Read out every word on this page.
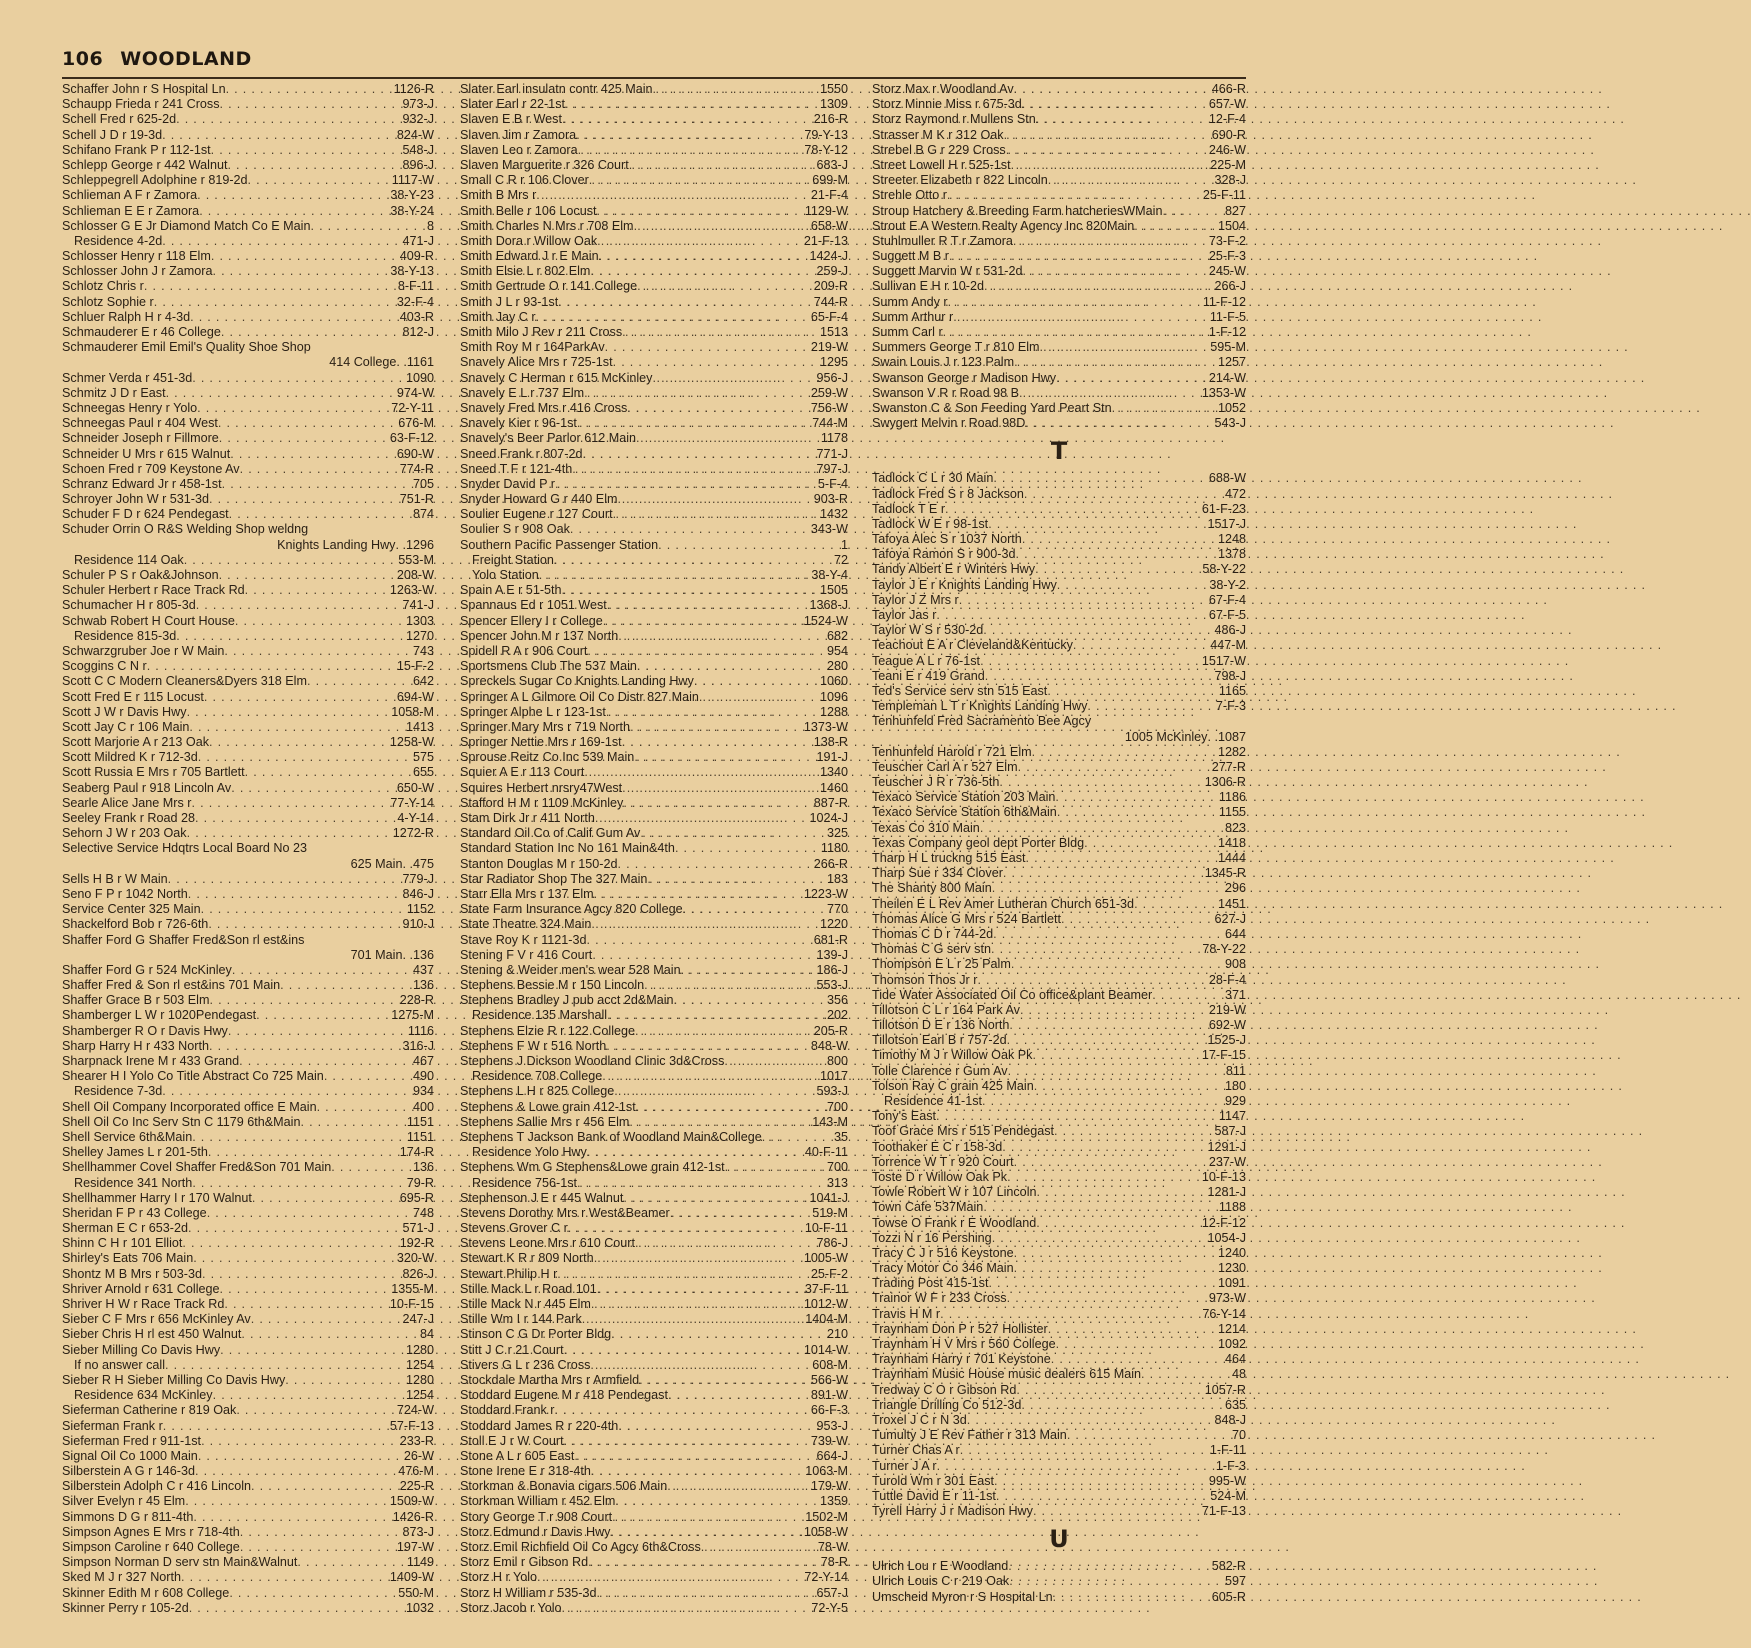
106 WOODLAND
Schaffer John r S Hospital Ln . . .	1126-R
Schaupp Frieda r 241 Cross . . .	973-J
Schell Fred r 625-2d . . .	932-J
Schell J D r 19-3d . . .	824-W
Schifano Frank P r 112-1st . . .	548-J
Schlepp George r 442 Walnut . . .	896-J
Schleppegrell Adolphine r 819-2d . . .	1117-W
Schlieman A F r Zamora . . .	38-Y-23
Schlieman E E r Zamora . . .	38-Y-24
Schlosser G E Jr Diamond Match Co E Main . . .	8
Residence 4-2d . . .	471-J
Schlosser Henry r 118 Elm . . .	409-R
Schlosser John J r Zamora . . .	38-Y-13
Schlotz Chris r . . .	8-F-11
Schlotz Sophie r . . .	32-F-4
Schluer Ralph H r 4-3d . . .	403-R
Schmauderer E r 46 College . . .	812-J
Schmauderer Emil Emil's Quality Shoe Shop
414 College . . 1161
Schmer Verda r 451-3d . . .	1090
Schmitz J D r East . . .	974-W
Schneegas Henry r Yolo . . .	72-Y-11
Schneegas Paul r 404 West . . .	676-M
Schneider Joseph r Fillmore . . .	63-F-12
Schneider U Mrs r 615 Walnut . . .	690-W
Schoen Fred r 709 Keystone Av . . .	774-R
Schranz Edward Jr r 458-1st . . .	705
Schroyer John W r 531-3d . . .	751-R
Schuder F D r 624 Pendegast . . .	874
Schuder Orrin O R&S Welding Shop weldng
Knights Landing Hwy . . 1296
Residence 114 Oak . . .	553-M
Schuler P S r Oak&Johnson . . .	208-W
Schuler Herbert r Race Track Rd . . .	1263-W
Schumacher H r 805-3d . . .	741-J
Schwab Robert H Court House . . .	1303
Residence 815-3d . . .	1270
Schwarzgruber Joe r W Main . . .	743
Scoggins C N r . . .	15-F-2
Scott C C Modern Cleaners&Dyers 318 Elm . . .	642
Scott Fred E r 115 Locust . . .	694-W
Scott J W r Davis Hwy . . .	1058-M
Scott Jay C r 106 Main . . .	1413
Scott Marjorie A r 213 Oak . . .	1258-W
Scott Mildred K r 712-3d . . .	575
Scott Russia E Mrs r 705 Bartlett . . .	655
Seaberg Paul r 918 Lincoln Av . . .	650-W
Searle Alice Jane Mrs r . . .	77-Y-14
Seeley Frank r Road 28 . . .	4-Y-14
Sehorn J W r 203 Oak . . .	1272-R
Selective Service Hdqtrs Local Board No 23
625 Main . . 475
Sells H B r W Main . . .	779-J
Seno F P r 1042 North . . .	846-J
Service Center 325 Main . . .	1152
Shackelford Bob r 726-6th . . .	910-J
Shaffer Ford G Shaffer Fred&Son rl est&ins
701 Main . . 136
Shaffer Ford G r 524 McKinley . . .	437
Shaffer Fred & Son rl est&ins 701 Main . . .	136
Shaffer Grace B r 503 Elm . . .	228-R
Shamberger L W r 1020Pendegast . . .	1275-M
Shamberger R O r Davis Hwy . . .	1116
Sharp Harry H r 433 North . . .	316-J
Sharpnack Irene M r 433 Grand . . .	467
Shearer H I Yolo Co Title Abstract Co 725 Main . . .	490
Residence 7-3d . . .	934
Shell Oil Company Incorporated office E Main . . .	400
Shell Oil Co Inc Serv Stn C 1179 6th&Main . . .	1151
Shell Service 6th&Main . . .	1151
Shelley James L r 201-5th . . .	174-R
Shellhammer Covel Shaffer Fred&Son 701 Main . . .	136
Residence 341 North . . .	79-R
Shellhammer Harry I r 170 Walnut . . .	695-R
Sheridan F P r 43 College . . .	748
Sherman E C r 653-2d . . .	571-J
Shinn C H r 101 Elliot . . .	192-R
Shirley's Eats 706 Main . . .	320-W
Shontz M B Mrs r 503-3d . . .	826-J
Shriver Arnold r 631 College . . .	1355-M
Shriver H W r Race Track Rd . . .	10-F-15
Sieber C F Mrs r 656 McKinley Av . . .	247-J
Sieber Chris H rl est 450 Walnut . . .	84
Sieber Milling Co Davis Hwy . . .	1280
If no answer call . . .	1254
Sieber R H Sieber Milling Co Davis Hwy . . .	1280
Residence 634 McKinley . . .	1254
Sieferman Catherine r 819 Oak . . .	724-W
Sieferman Frank r . . .	57-F-13
Sieferman Fred r 911-1st . . .	233-R
Signal Oil Co 1000 Main . . .	26-W
Silberstein A G r 146-3d . . .	476-M
Silberstein Adolph C r 416 Lincoln . . .	225-R
Silver Evelyn r 45 Elm . . .	1509-W
Simmons D G r 811-4th . . .	1426-R
Simpson Agnes E Mrs r 718-4th . . .	873-J
Simpson Caroline r 640 College . . .	197-W
Simpson Norman D serv stn Main&Walnut . . .	1149
Sked M J r 327 North . . .	1409-W
Skinner Edith M r 608 College . . .	550-M
Skinner Perry r 105-2d . . .	1032
Slater Earl insulatn contr 425 Main . . .	1550
Slater Earl r 22-1st . . .	1309
Slaven E B r West . . .	216-R
Slaven Jim r Zamora . . .	79-Y-13
Slaven Leo r Zamora . . .	78-Y-12
Slaven Marguerite r 326 Court . . .	683-J
Small C R r 106 Clover . . .	699-M
Smith B Mrs r . . .	21-F-4
Smith Belle r 106 Locust . . .	1129-W
Smith Charles N Mrs r 708 Elm . . .	658-W
Smith Dora r Willow Oak . . .	21-F-13
Smith Edward J r E Main . . .	1424-J
Smith Elsie L r 802 Elm . . .	259-J
Smith Gertrude O r 141 College . . .	209-R
Smith J L r 93-1st . . .	744-R
Smith Jay C r . . .	65-F-4
Smith Milo J Rev r 211 Cross . . .	1513
Smith Roy M r 164ParkAv . . .	219-W
Snavely Alice Mrs r 725-1st . . .	1295
Snavely C Herman r 615 McKinley . . .	956-J
Snavely E L r 737 Elm . . .	259-W
Snavely Fred Mrs r 416 Cross . . .	756-W
Snavely Kier r 96-1st . . .	744-M
Snavely's Beer Parlor 612 Main . . .	1178
Sneed Frank r 807-2d . . .	771-J
Sneed T F r 121-4th . . .	797-J
Snyder David P r . . .	5-F-4
Snyder Howard G r 440 Elm . . .	903-R
Soulier Eugene r 127 Court . . .	1432
Soulier S r 908 Oak . . .	343-W
Southern Pacific Passenger Station . . .	1
Freight Station . . .	72
Yolo Station . . .	38-Y-4
Spain A E r 51-5th . . .	1505
Spannaus Ed r 1051 West . . .	1368-J
Spencer Ellery I r College . . .	1524-W
Spencer John M r 137 North . . .	682
Spidell R A r 906 Court . . .	954
Sportsmens Club The 537 Main . . .	280
Spreckels Sugar Co Knights Landing Hwy . . .	1060
Springer A L Gilmore Oil Co Distr 827 Main . . .	1096
Springer Alphe L r 123-1st . . .	1288
Springer Mary Mrs r 719 North . . .	1373-W
Springer Nettie Mrs r 169-1st . . .	138-R
Sprouse Reitz Co Inc 539 Main . . .	191-J
Squier A E r 113 Court . . .	1340
Squires Herbert nrsry47West . . .	1460
Stafford H M r 1109 McKinley . . .	887-R
Stam Dirk Jr r 411 North . . .	1024-J
Standard Oil Co of Calif Gum Av . . .	325
Standard Station Inc No 161 Main&4th . . .	1180
Stanton Douglas M r 150-2d . . .	266-R
Star Radiator Shop The 327 Main . . .	183
Starr Ella Mrs r 137 Elm . . .	1223-W
State Farm Insurance Agcy 820 College . . .	770
State Theatre 324 Main . . .	1220
Stave Roy K r 1121-3d . . .	681-R
Stening F V r 416 Court . . .	139-J
Stening & Weider men's wear 528 Main . . .	186-J
Stephens Bessie M r 150 Lincoln . . .	553-J
Stephens Bradley J pub acct 2d&Main . . .	356
Residence 135 Marshall . . .	202
Stephens Elzie R r 122 College . . .	205-R
Stephens F W r 516 North . . .	848-W
Stephens J Dickson Woodland Clinic 3d&Cross . . .	800
Residence 708 College . . .	1017
Stephens L H r 825 College . . .	593-J
Stephens & Lowe grain 412-1st . . .	700
Stephens Sallie Mrs r 456 Elm . . .	143-M
Stephens T Jackson Bank of Woodland Main&College . . .	35
Residence Yolo Hwy . . .	40-F-11
Stephens Wm G Stephens&Lowe grain 412-1st . . .	700
Residence 756-1st . . .	313
Stephenson J E r 445 Walnut . . .	1041-J
Stevens Dorothy Mrs r West&Beamer . . .	519-M
Stevens Grover C r . . .	10-F-11
Stevens Leone Mrs r 610 Court . . .	786-J
Stewart K R r 809 North . . .	1005-W
Stewart Philip H r . . .	25-F-2
Stille Mack L r Road 101 . . .	37-F-11
Stille Mack N r 445 Elm . . .	1012-W
Stille Wm I r 144 Park . . .	1404-M
Stinson C G Dr Porter Bldg . . .	210
Stitt J C r 21 Court . . .	1014-W
Stivers G L r 236 Cross . . .	608-M
Stockdale Martha Mrs r Armfield . . .	566-W
Stoddard Eugene M r 418 Pendegast . . .	891-W
Stoddard Frank r . . .	66-F-3
Stoddard James R r 220-4th . . .	953-J
Stoll E J r W Court . . .	739-W
Stone A L r 605 East . . .	664-J
Stone Irene E r 318-4th . . .	1063-M
Storkman & Bonavia cigars 506 Main . . .	179-W
Storkman William r 452 Elm . . .	1359
Story George T r 908 Court . . .	1502-M
Storz Edmund r Davis Hwy . . .	1058-W
Storz Emil Richfield Oil Co Agcy 6th&Cross . . .	78-W
Storz Emil r Gibson Rd . . .	78-R
Storz H r Yolo . . .	72-Y-14
Storz H William r 535-3d . . .	657-J
Storz Jacob r Yolo . . .	72-Y-5
Storz Max r Woodland Av . . .	466-R
Storz Minnie Miss r 675-3d . . .	657-W
Storz Raymond r Mullens Stn . . .	12-F-4
Strasser M K r 312 Oak . . .	690-R
Strebel B G r 229 Cross . . .	246-W
Street Lowell H r 525-1st . . .	225-M
Streeter Elizabeth r 822 Lincoln . . .	328-J
Strehle Otto r . . .	25-F-11
Stroup Hatchery & Breeding Farm hatcheriesWMain . . .	827
Strout E A Western Realty Agency Inc 820Main . . .	1504
Stuhlmuller R T r Zamora . . .	73-F-2
Suggett M B r . . .	25-F-3
Suggett Marvin W r 531-2d . . .	245-W
Sullivan E H r 10-2d . . .	266-J
Summ Andy r . . .	11-F-12
Summ Arthur r . . .	11-F-5
Summ Carl r . . .	1-F-12
Summers George T r 810 Elm . . .	595-M
Swain Louis J r 123 Palm . . .	1257
Swanson George r Madison Hwy . . .	214-W
Swanson V R r Road 98 B . . .	1353-W
Swanston C & Son Feeding Yard Peart Stn . . .	1052
Swygert Melvin r Road 98D . . .	543-J
T
Tadlock C L r 30 Main . . .	688-W
Tadlock Fred S r 8 Jackson . . .	472
Tadlock T E r . . .	61-F-23
Tadlock W E r 98-1st . . .	1517-J
Tafoya Alec S r 1037 North . . .	1248
Tafoya Ramon S r 900-3d . . .	1378
Tandy Albert E r Winters Hwy . . .	58-Y-22
Taylor J E r Knights Landing Hwy . . .	38-Y-2
Taylor J Z Mrs r . . .	67-F-4
Taylor Jas r . . .	67-F-5
Taylor W S r 530-2d . . .	486-J
Teachout E A r Cleveland&Kentucky . . .	447-M
Teague A L r 76-1st . . .	1517-W
Teani E r 419 Grand . . .	798-J
Ted's Service serv stn 515 East . . .	1165
Templeman L T r Knights Landing Hwy . . .	7-F-3
Tenhunfeld Fred Sacramento Bee Agcy
1005 McKinley . . 1087
Tenhunfeld Harold r 721 Elm . . .	1282
Teuscher Carl A r 527 Elm . . .	277-R
Teuscher J R r 736-5th . . .	1306-R
Texaco Service Station 203 Main . . .	1186
Texaco Service Station 6th&Main . . .	1155
Texas Co 310 Main . . .	823
Texas Company geol dept Porter Bldg . . .	1418
Tharp H L truckng 515 East . . .	1444
Tharp Sue r 334 Clover . . .	1345-R
The Shanty 800 Main . . .	296
Theilen E L Rev Amer Lutheran Church 651-3d . . .	1451
Thomas Alice G Mrs r 524 Bartlett . . .	627-J
Thomas C D r 744-2d . . .	644
Thomas C G serv stn . . .	78-Y-22
Thompson E L r 25 Palm . . .	908
Thomson Thos Jr r . . .	28-F-4
Tide Water Associated Oil Co office&plant Beamer . . .	371
Tillotson C L r 164 Park Av . . .	219-W
Tillotson D E r 136 North . . .	692-W
Tillotson Earl B r 757-2d . . .	1525-J
Timothy M J r Willow Oak Pk . . .	17-F-15
Tolle Clarence r Gum Av . . .	811
Tolson Ray C grain 425 Main . . .	180
Residence 41-1st . . .	929
Tony's East . . .	1147
Toof Grace Mrs r 515 Pendegast . . .	587-J
Toothaker E C r 158-3d . . .	1291-J
Torrence W T r 920 Court . . .	237-W
Toste D r Willow Oak Pk . . .	10-F-13
Towle Robert W r 107 Lincoln . . .	1281-J
Town Cafe 537Main . . .	1188
Towse O Frank r E Woodland . . .	12-F-12
Tozzi N r 16 Pershing . . .	1054-J
Tracy C J r 516 Keystone . . .	1240
Tracy Motor Co 346 Main . . .	1230
Trading Post 415-1st . . .	1091
Trainor W F r 233 Cross . . .	973-W
Travis H M r . . .	76-Y-14
Traynham Don P r 527 Hollister . . .	1214
Traynham H V Mrs r 560 College . . .	1092
Traynham Harry r 701 Keystone . . .	464
Traynham Music House music dealers 615 Main . . .	48
Tredway C O r Gibson Rd . . .	1057-R
Triangle Drilling Co 512-3d . . .	635
Troxel J C r N 3d . . .	848-J
Tumulty J E Rev Father r 313 Main . . .	70
Turner Chas A r . . .	1-F-11
Turner J A r . . .	1-F-3
Turold Wm r 301 East . . .	995-W
Tuttle David E r 11-1st . . .	524-M
Tyrell Harry J r Madison Hwy . . .	71-F-13
U
Ulrich Lou r E Woodland . . .	582-R
Ulrich Louis C r 219 Oak . . .	597
Umscheid Myron r S Hospital Ln . . .	605-R
